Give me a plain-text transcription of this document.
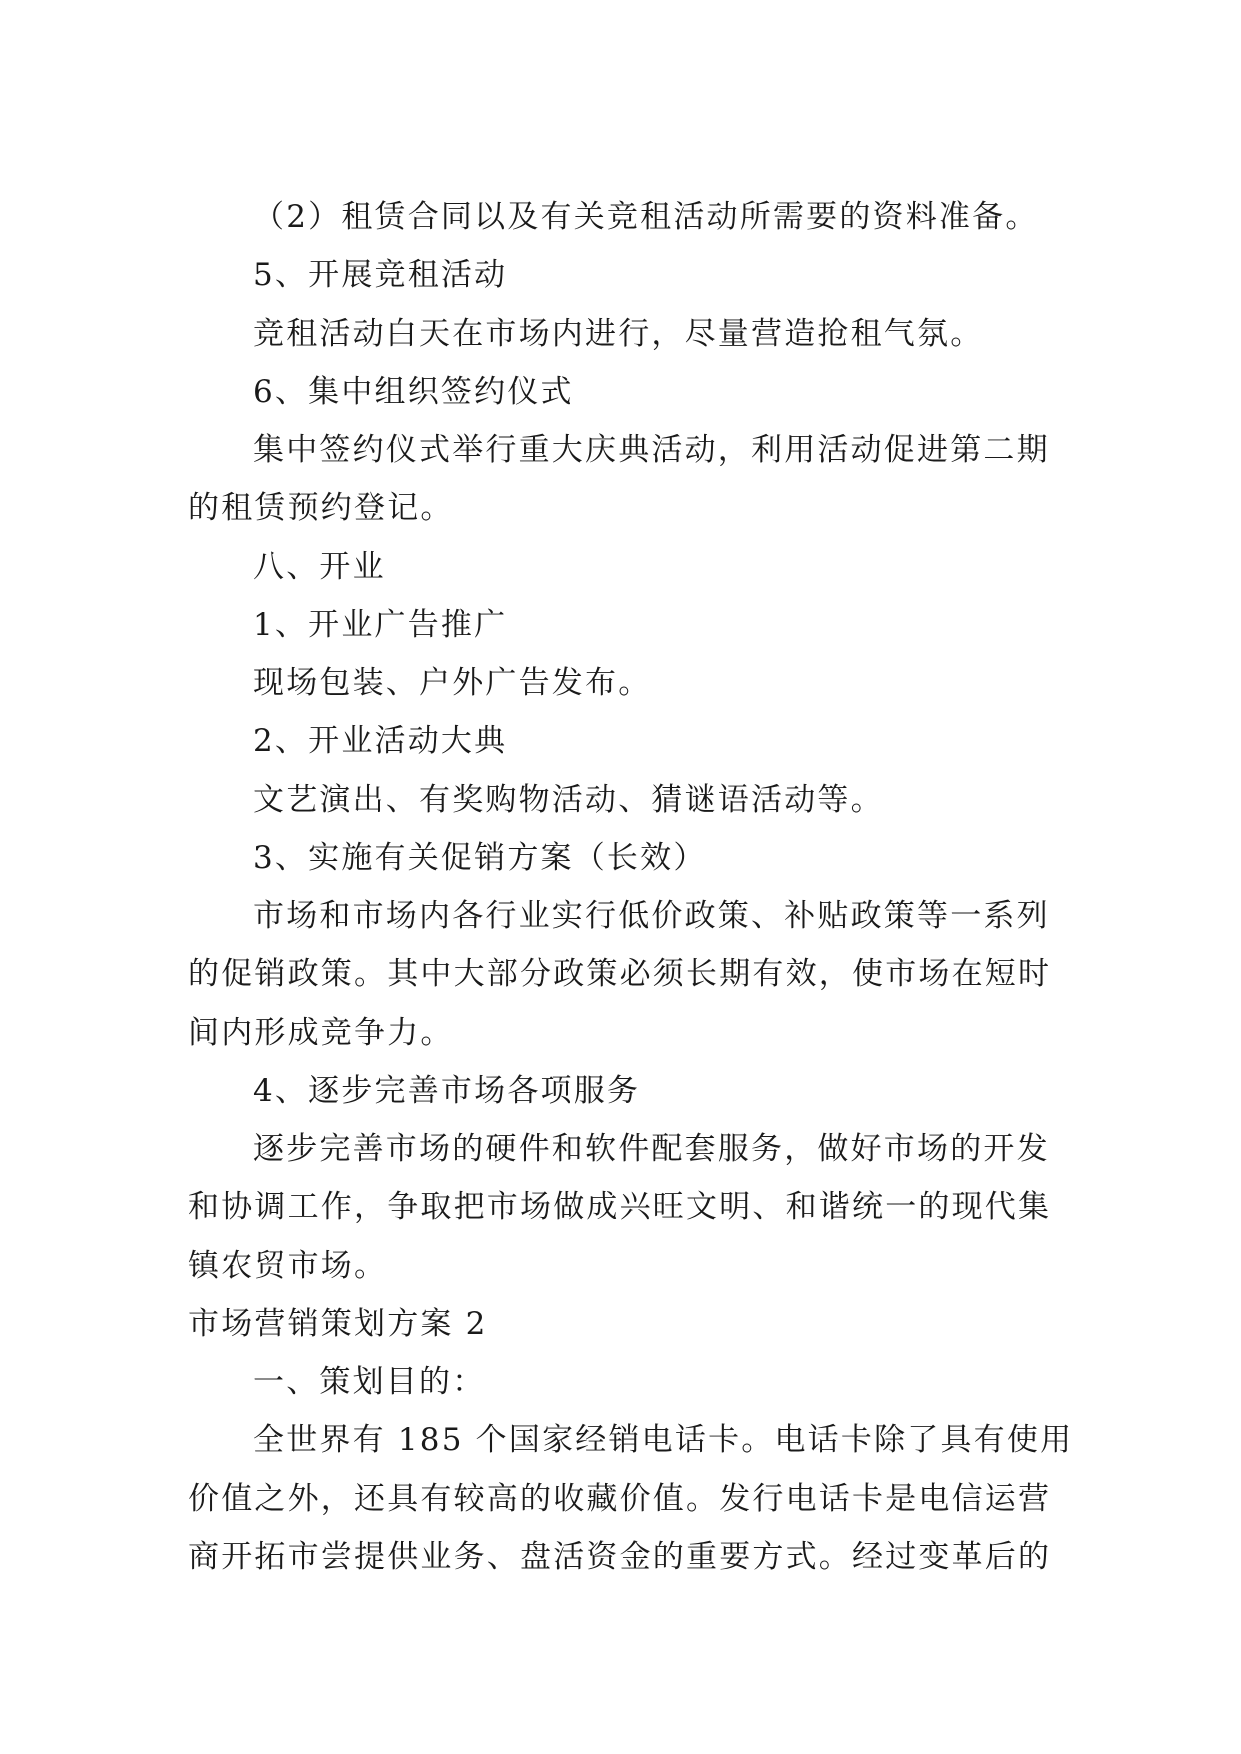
（2）租赁合同以及有关竞租活动所需要的资料准备。

5、开展竞租活动

竞租活动白天在市场内进行，尽量营造抢租气氛。

6、集中组织签约仪式

集中签约仪式举行重大庆典活动，利用活动促进第二期

的租赁预约登记。

八、开业

1、开业广告推广

现场包装、户外广告发布。

2、开业活动大典

文艺演出、有奖购物活动、猜谜语活动等。

3、实施有关促销方案（长效）

市场和市场内各行业实行低价政策、补贴政策等一系列

的促销政策。其中大部分政策必须长期有效，使市场在短时

间内形成竞争力。

4、逐步完善市场各项服务

逐步完善市场的硬件和软件配套服务，做好市场的开发

和协调工作，争取把市场做成兴旺文明、和谐统一的现代集

镇农贸市场。

市场营销策划方案 2

一、策划目的：

全世界有 185 个国家经销电话卡。电话卡除了具有使用

价值之外，还具有较高的收藏价值。发行电话卡是电信运营

商开拓市尝提供业务、盘活资金的重要方式。经过变革后的
